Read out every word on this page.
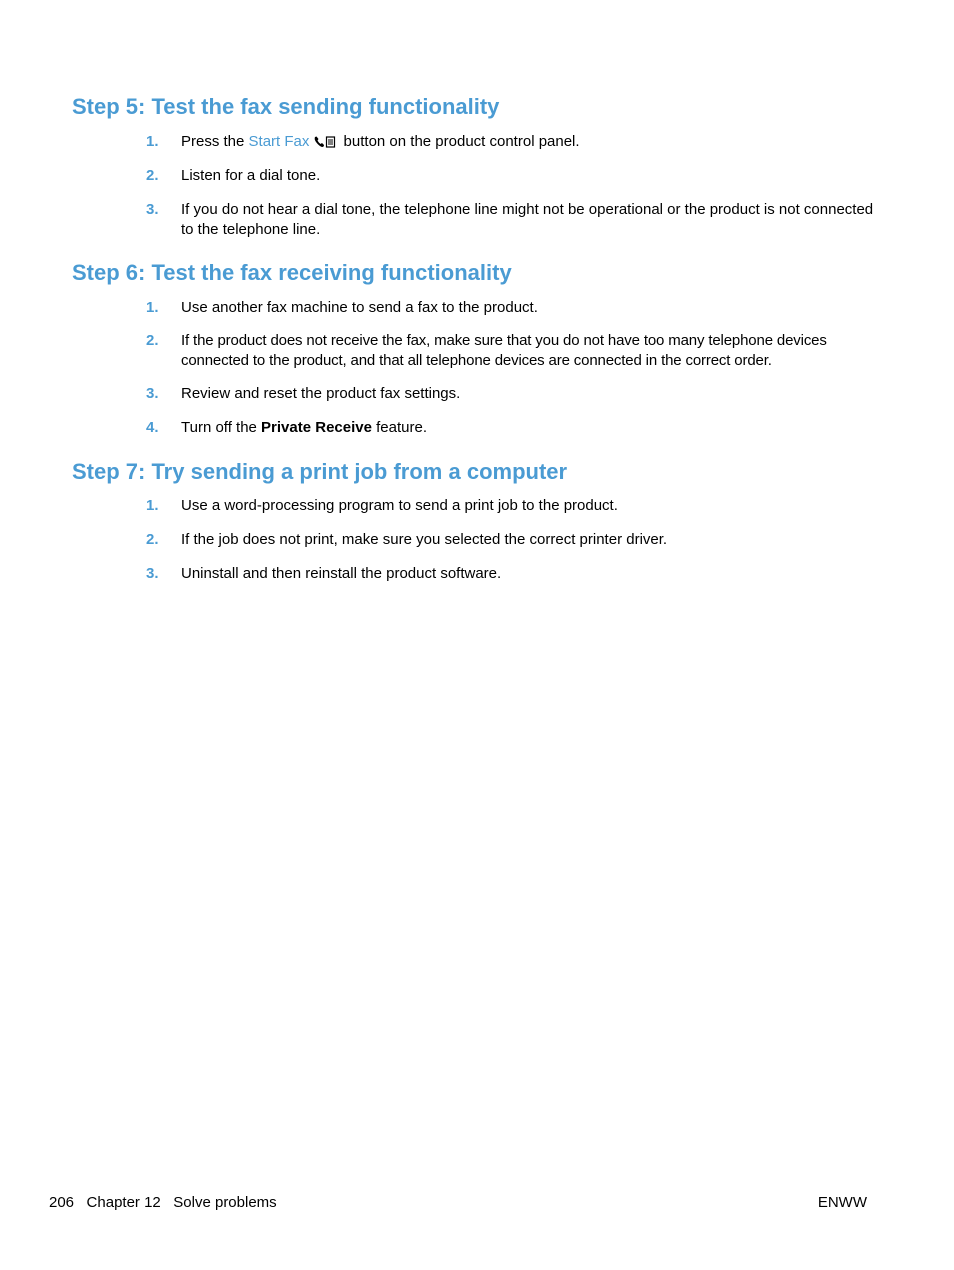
Step 5: Test the fax sending functionality
1. Press the Start Fax button on the product control panel.
2. Listen for a dial tone.
3. If you do not hear a dial tone, the telephone line might not be operational or the product is not connected to the telephone line.
Step 6: Test the fax receiving functionality
1. Use another fax machine to send a fax to the product.
2. If the product does not receive the fax, make sure that you do not have too many telephone devices connected to the product, and that all telephone devices are connected in the correct order.
3. Review and reset the product fax settings.
4. Turn off the Private Receive feature.
Step 7: Try sending a print job from a computer
1. Use a word-processing program to send a print job to the product.
2. If the job does not print, make sure you selected the correct printer driver.
3. Uninstall and then reinstall the product software.
206 Chapter 12 Solve problems	ENWW
